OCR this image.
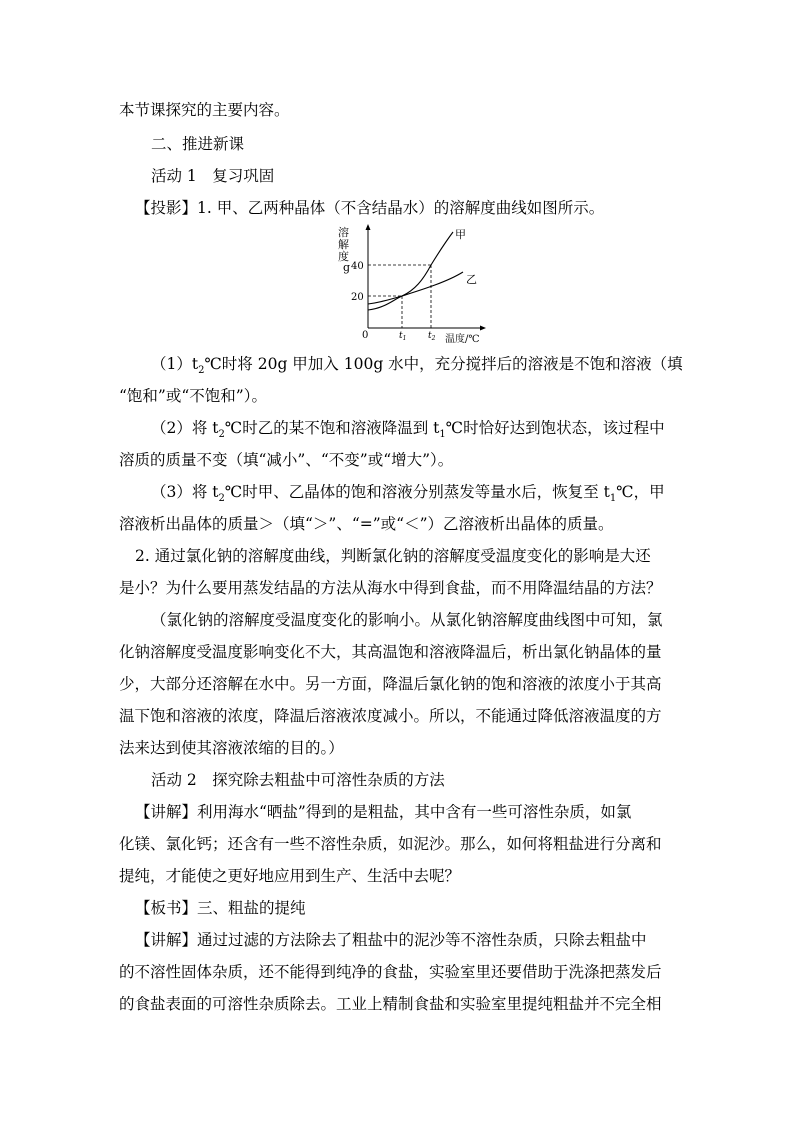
本节课探究的主要内容。
二、推进新课
活动 1　复习巩固
【投影】1. 甲、乙两种晶体（不含结晶水）的溶解度曲线如图所示。
溶
解
度
g 40
20
0	$t_1$ $t_2$ 温度/℃
甲
乙
$(1)t_2℃$时将 20g 甲加入 100g 水中，充分搅拌后的溶液是不饱和溶液（填
“饱和”或“不饱和”）。
（2）将 $t_2℃$时乙的某不饱和溶液降温到 $t_1℃$时恰好达到饱状态，该过程中
溶质的质量不变（填“减小”、“不变”或“增大”）。
（3）将 $t_2℃$时甲、乙晶体的饱和溶液分别蒸发等量水后，恢复至 $t_1℃$，甲
溶液析出晶体的质量＞（填“＞”、“=”或“＜”）乙溶液析出晶体的质量。
2. 通过氯化钠的溶解度曲线，判断氯化钠的溶解度受温度变化的影响是大还
是小？为什么要用蒸发结晶的方法从海水中得到食盐，而不用降温结晶的方法？
（氯化钠的溶解度受温度变化的影响小。从氯化钠溶解度曲线图中可知，氯
化钠溶解度受温度影响变化不大，其高温饱和溶液降温后，析出氯化钠晶体的量
少，大部分还溶解在水中。另一方面，降温后氯化钠的饱和溶液的浓度小于其高
温下饱和溶液的浓度，降温后溶液浓度减小。所以，不能通过降低溶液温度的方
法来达到使其溶液浓缩的目的。）
活动 2　探究除去粗盐中可溶性杂质的方法
【讲解】利用海水“晒盐”得到的是粗盐，其中含有一些可溶性杂质，如氯
化镁、氯化钙；还含有一些不溶性杂质，如泥沙。那么，如何将粗盐进行分离和
提纯，才能使之更好地应用到生产、生活中去呢？
【板书】三、粗盐的提纯
【讲解】通过过滤的方法除去了粗盐中的泥沙等不溶性杂质，只除去粗盐中
的不溶性固体杂质，还不能得到纯净的食盐，实验室里还要借助于洗涤把蒸发后
的食盐表面的可溶性杂质除去。工业上精制食盐和实验室里提纯粗盐并不完全相
